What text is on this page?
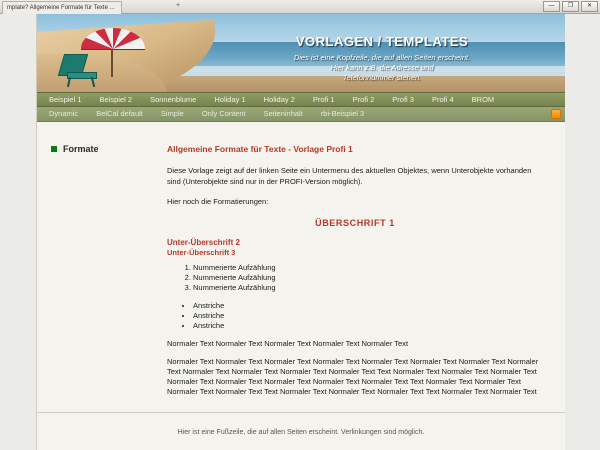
mplate? Allgemeine Formate für Texte ...	+	—	❐	✕
VORLAGEN / TEMPLATES
Dies ist eine Kopfzeile, die auf allen Seiten erscheint.
Hier kann z.B. die Adresse und
Telefonnummer stehen.
Beispiel 1	Beispiel 2	Sonnenblume	Holiday 1	Holiday 2	Profi 1	Profi 2	Profi 3	Profi 4	BROM
Dynamic	BelCal default	Simple	Only Content	Seiteninhalt	rbi-Beispiel 3
Formate	Allgemeine Formate für Texte - Vorlage Profi 1

Diese Vorlage zeigt auf der linken Seite ein Untermenu des aktuellen Objektes, wenn Unterobjekte vorhanden sind (Unterobjekte sind nur in der PROFI-Version möglich).

Hier noch die Formatierungen:

ÜBERSCHRIFT 1
Unter-Überschrift 2
Unter-Überschrift 3
1. Nummerierte Aufzählung
2. Nummerierte Aufzählung
3. Nummerierte Aufzählung
• Anstriche
• Anstriche
• Anstriche
Normaler Text Normaler Text Normaler Text Normaler Text Normaler Text
Normaler Text Normaler Text Normaler Text Normaler Text Normaler Text Normaler Text Normaler Text Normaler Text Normaler Text Normaler Text Normaler Text Normaler Text Text Normaler Text Normaler Text Normaler Text Normaler Text Normaler Text Normaler Text Normaler Text Normaler Text Text Normaler Text Normaler Text Normaler Text Normaler Text Text Normaler Text Normaler Text Normaler Text Text Normaler Text Normaler Text
Hier ist eine Fußzeile, die auf allen Seiten erscheint. Verlinkungen sind möglich.
